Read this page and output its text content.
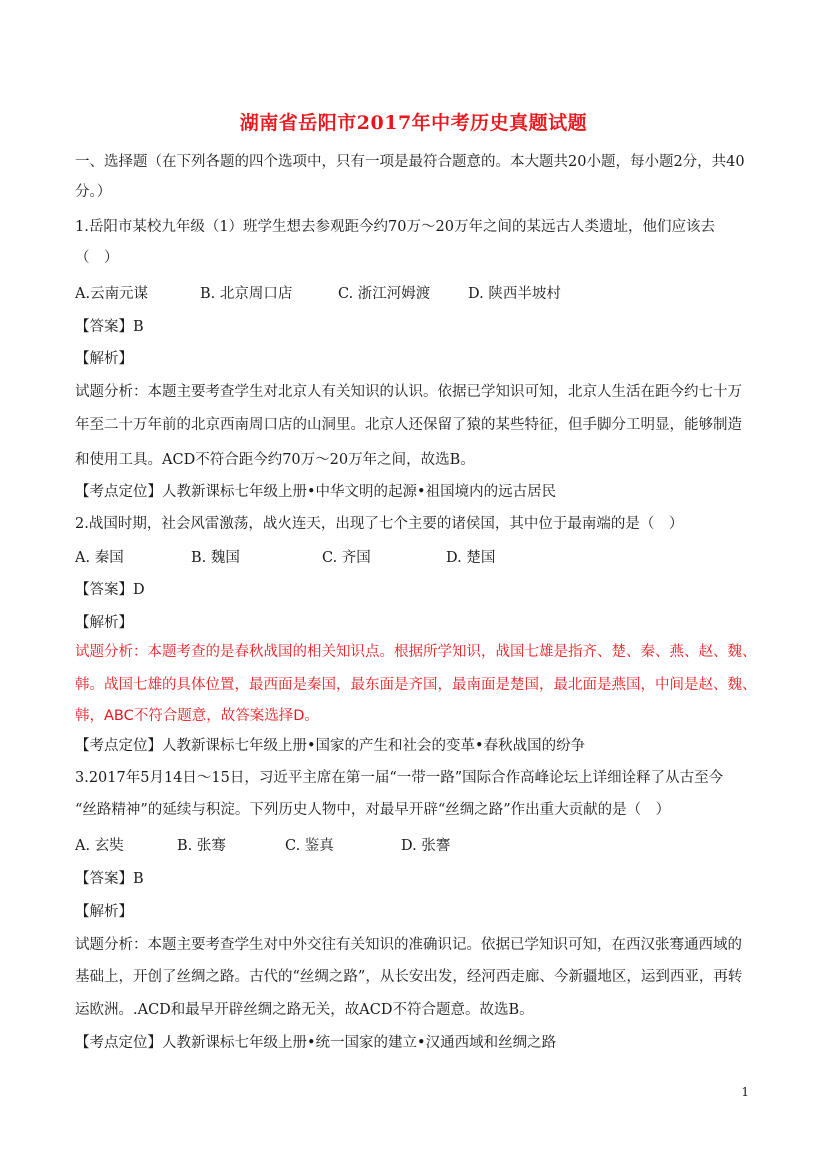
湖南省岳阳市2017年中考历史真题试题
一、选择题（在下列各题的四个选项中，只有一项是最符合题意的。本大题共20小题，每小题2分，共40
分。）
1.岳阳市某校九年级（1）班学生想去参观距今约70万～20万年之间的某远古人类遗址，他们应该去
（　）
A.云南元谋	B. 北京周口店	C. 浙江河姆渡	D. 陕西半坡村
【答案】B
【解析】
试题分析：本题主要考查学生对北京人有关知识的认识。依据已学知识可知，北京人生活在距今约七十万
年至二十万年前的北京西南周口店的山洞里。北京人还保留了猿的某些特征，但手脚分工明显，能够制造
和使用工具。ACD不符合距今约70万～20万年之间，故选B。
【考点定位】人教新课标七年级上册•中华文明的起源•祖国境内的远古居民
2.战国时期，社会风雷激荡，战火连天，出现了七个主要的诸侯国，其中位于最南端的是（　）
A. 秦国	B. 魏国	C. 齐国	D. 楚国
【答案】D
【解析】
试题分析：本题考查的是春秋战国的相关知识点。根据所学知识，战国七雄是指齐、楚、秦、燕、赵、魏、
韩。战国七雄的具体位置，最西面是秦国，最东面是齐国，最南面是楚国，最北面是燕国，中间是赵、魏、
韩，ABC不符合题意，故答案选择D。
【考点定位】人教新课标七年级上册•国家的产生和社会的变革•春秋战国的纷争
3.2017年5月14日～15日，习近平主席在第一届“一带一路”国际合作高峰论坛上详细诠释了从古至今
“丝路精神”的延续与积淀。下列历史人物中，对最早开辟“丝绸之路”作出重大贡献的是（　）
A. 玄奘	B. 张骞	C. 鉴真	D. 张謇
【答案】B
【解析】
试题分析：本题主要考查学生对中外交往有关知识的准确识记。依据已学知识可知，在西汉张骞通西域的
基础上，开创了丝绸之路。古代的“丝绸之路”，从长安出发，经河西走廊、今新疆地区，运到西亚，再转
运欧洲。.ACD和最早开辟丝绸之路无关，故ACD不符合题意。故选B。
【考点定位】人教新课标七年级上册•统一国家的建立•汉通西域和丝绸之路
1
